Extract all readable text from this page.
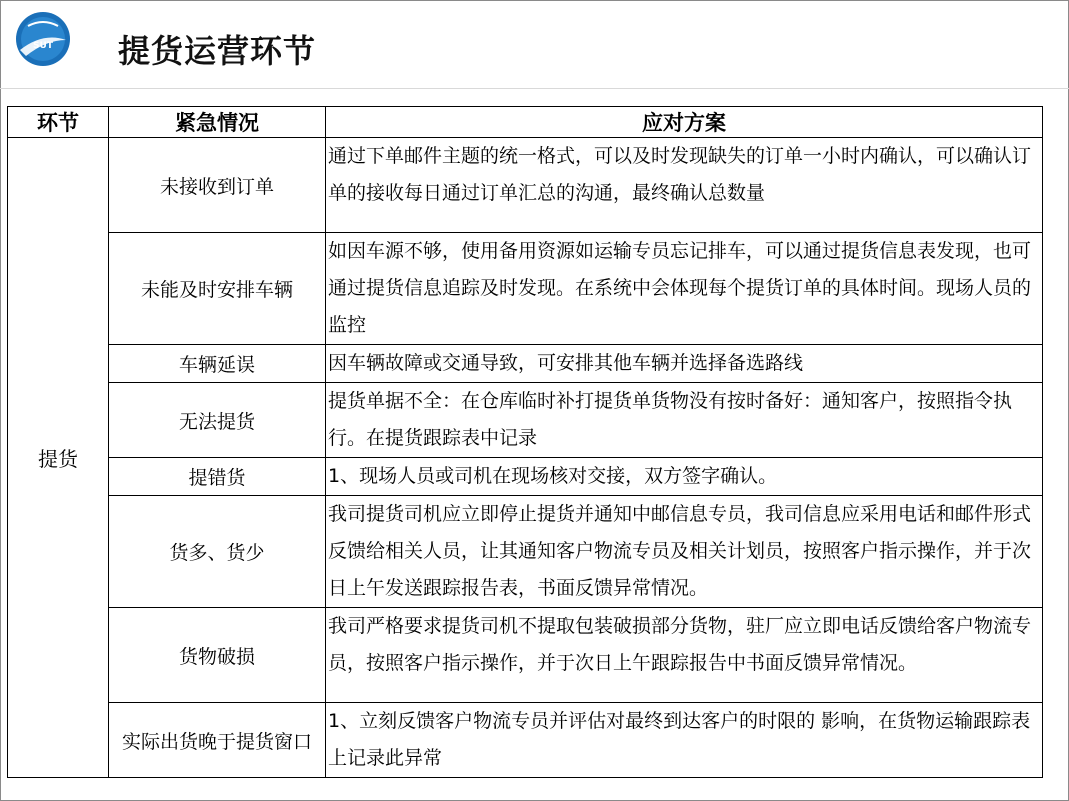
SUT 提货运营环节
环节	紧急情况	应对方案
提货	未接收到订单	通过下单邮件主题的统一格式，可以及时发现缺失的订单一小时内确认，可以确认订单的接收每日通过订单汇总的沟通，最终确认总数量
	未能及时安排车辆	如因车源不够，使用备用资源如运输专员忘记排车，可以通过提货信息表发现，也可通过提货信息追踪及时发现。在系统中会体现每个提货订单的具体时间。现场人员的监控
	车辆延误	因车辆故障或交通导致，可安排其他车辆并选择备选路线
	无法提货	提货单据不全：在仓库临时补打提货单货物没有按时备好：通知客户，按照指令执行。在提货跟踪表中记录
	提错货	1、现场人员或司机在现场核对交接，双方签字确认。
	货多、货少	我司提货司机应立即停止提货并通知中邮信息专员，我司信息应采用电话和邮件形式反馈给相关人员，让其通知客户物流专员及相关计划员，按照客户指示操作，并于次日上午发送跟踪报告表，书面反馈异常情况。
	货物破损	我司严格要求提货司机不提取包装破损部分货物，驻厂应立即电话反馈给客户物流专员，按照客户指示操作，并于次日上午跟踪报告中书面反馈异常情况。
	实际出货晚于提货窗口	1、立刻反馈客户物流专员并评估对最终到达客户的时限的 影响，在货物运输跟踪表上记录此异常
